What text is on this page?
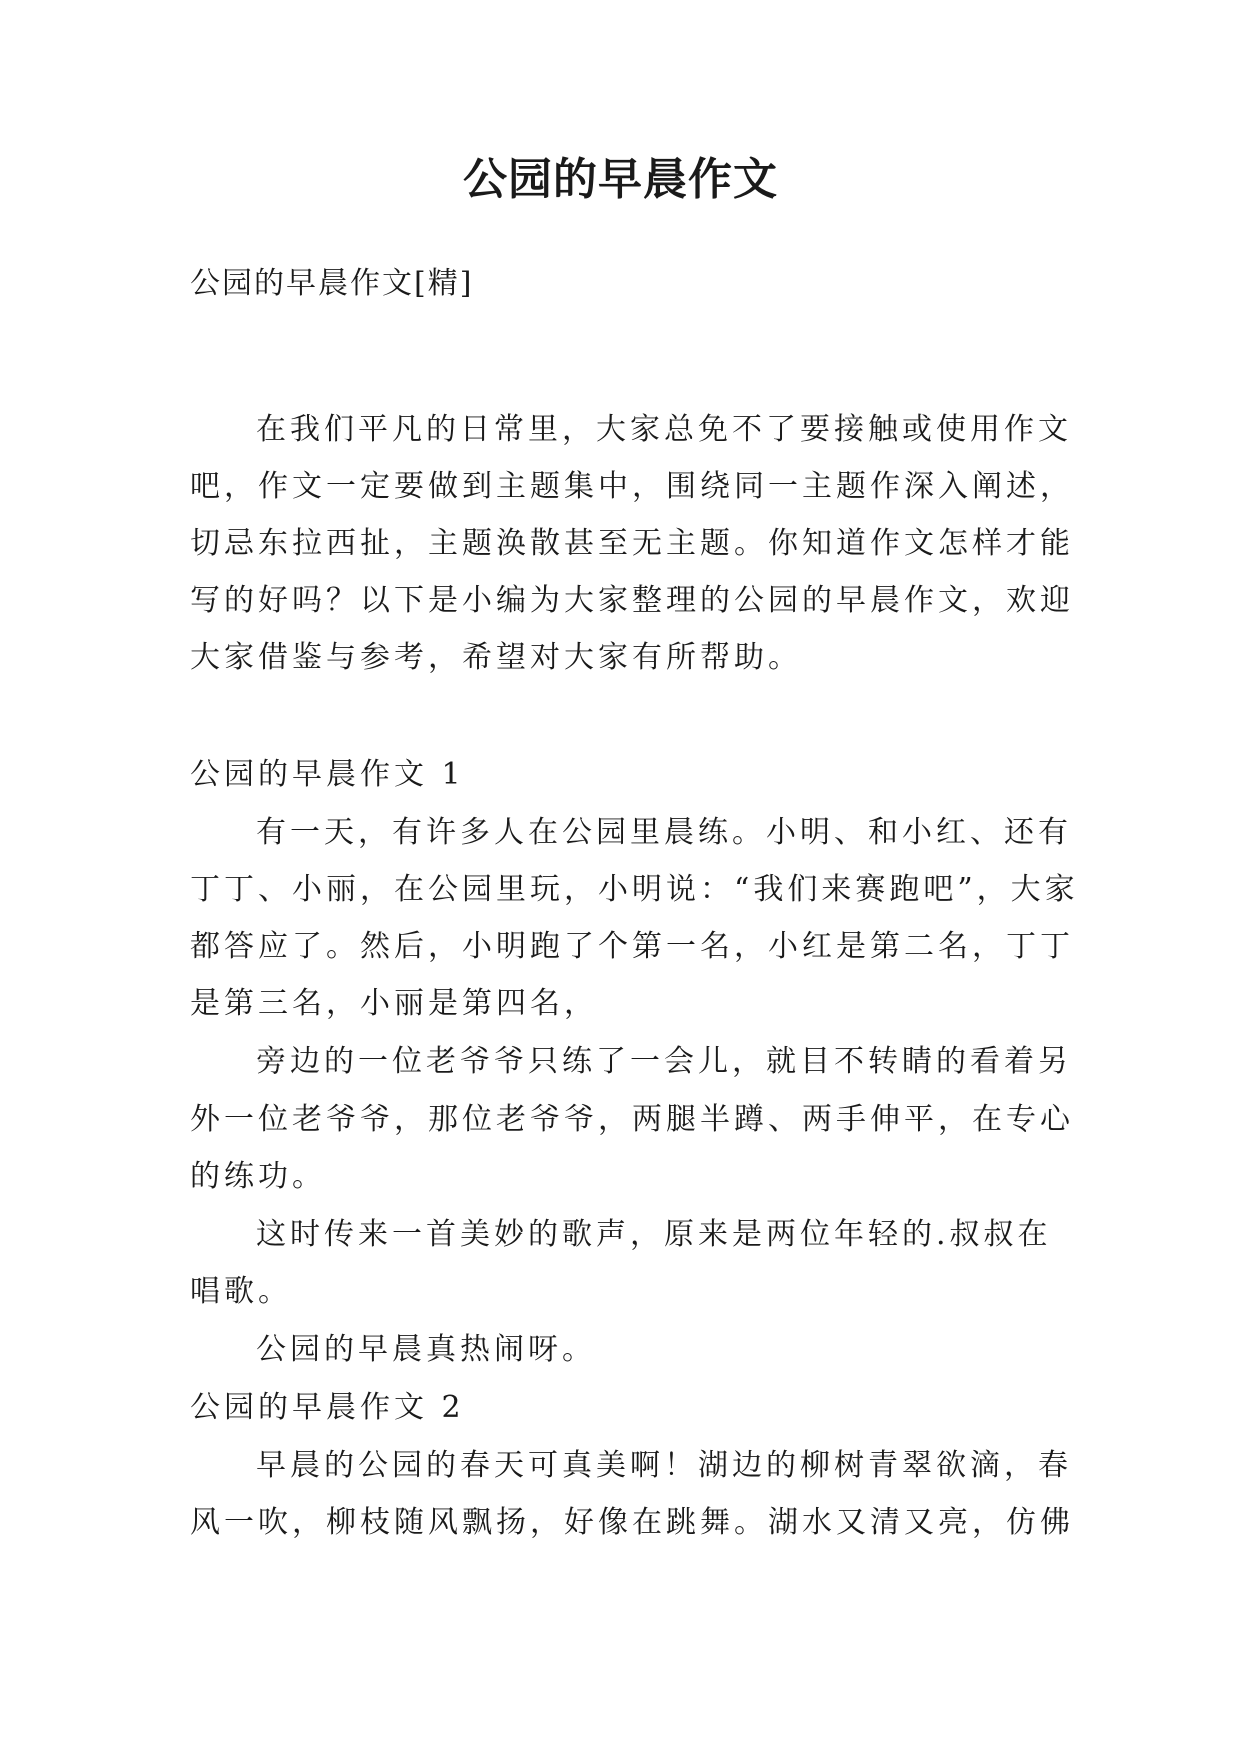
公园的早晨作文

公园的早晨作文[精]

在我们平凡的日常里，大家总免不了要接触或使用作文

吧，作文一定要做到主题集中，围绕同一主题作深入阐述，

切忌东拉西扯，主题涣散甚至无主题。你知道作文怎样才能

写的好吗？以下是小编为大家整理的公园的早晨作文，欢迎

大家借鉴与参考，希望对大家有所帮助。

公园的早晨作文 1

有一天，有许多人在公园里晨练。小明、和小红、还有

丁丁、小丽，在公园里玩，小明说：“我们来赛跑吧”，大家

都答应了。然后，小明跑了个第一名，小红是第二名，丁丁

是第三名，小丽是第四名，

旁边的一位老爷爷只练了一会儿，就目不转睛的看着另

外一位老爷爷，那位老爷爷，两腿半蹲、两手伸平，在专心

的练功。

这时传来一首美妙的歌声，原来是两位年轻的.叔叔在

唱歌。

公园的早晨真热闹呀。

公园的早晨作文 2

早晨的公园的春天可真美啊！湖边的柳树青翠欲滴，春

风一吹，柳枝随风飘扬，好像在跳舞。湖水又清又亮，仿佛
